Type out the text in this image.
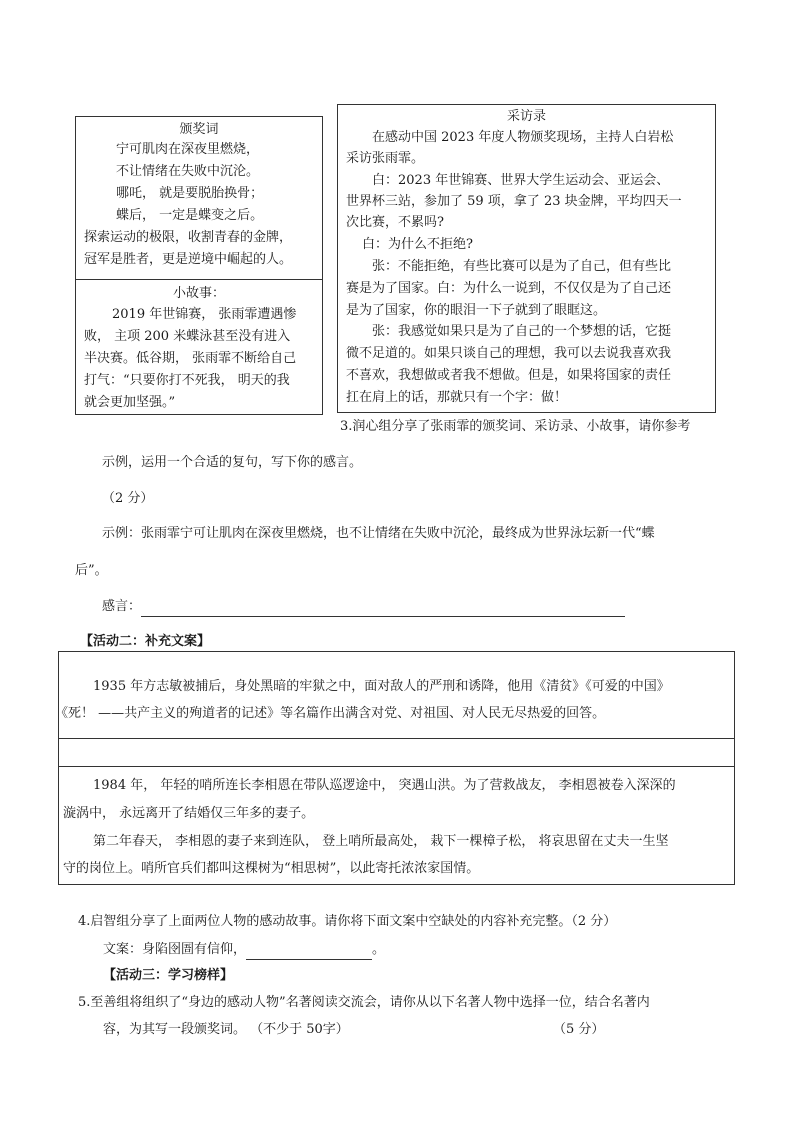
颁奖词
宁可肌肉在深夜里燃烧，
不让情绪在失败中沉沦。
哪吒， 就是要脱胎换骨；
蝶后， 一定是蝶变之后。
探索运动的极限，收割青春的金牌，
冠军是胜者，更是逆境中崛起的人。
小故事：
2019 年世锦赛， 张雨霏遭遇惨
败， 主项 200 米蝶泳甚至没有进入
半决赛。低谷期， 张雨霏不断给自己
打气：“只要你打不死我， 明天的我
就会更加坚强。”
采访录
在感动中国 2023 年度人物颁奖现场，主持人白岩松
采访张雨霏。
白：2023 年世锦赛、世界大学生运动会、亚运会、
世界杯三站，参加了 59 项，拿了 23 块金牌，平均四天一
次比赛，不累吗?
白：为什么不拒绝?
张：不能拒绝，有些比赛可以是为了自己，但有些比
赛是为了国家。白：为什么一说到，不仅仅是为了自己还
是为了国家，你的眼泪一下子就到了眼眶这。
张：我感觉如果只是为了自己的一个梦想的话，它挺
微不足道的。如果只谈自己的理想，我可以去说我喜欢我
不喜欢，我想做或者我不想做。但是，如果将国家的责任
扛在肩上的话，那就只有一个字：做！
3.润心组分享了张雨霏的颁奖词、采访录、小故事，请你参考
示例，运用一个合适的复句，写下你的感言。
（2 分）
示例：张雨霏宁可让肌肉在深夜里燃烧，也不让情绪在失败中沉沦，最终成为世界泳坛新一代“蝶
后”。
感言：
【活动二：补充文案】
1935 年方志敏被捕后，身处黑暗的牢狱之中，面对敌人的严刑和诱降，他用《清贫》《可爱的中国》
《死！ ——共产主义的殉道者的记述》等名篇作出满含对党、对祖国、对人民无尽热爱的回答。
1984 年， 年轻的哨所连长李相恩在带队巡逻途中， 突遇山洪。为了营救战友， 李相恩被卷入深深的
漩涡中， 永远离开了结婚仅三年多的妻子。
第二年春天， 李相恩的妻子来到连队， 登上哨所最高处， 栽下一棵樟子松， 将哀思留在丈夫一生坚
守的岗位上。哨所官兵们都叫这棵树为“相思树”，以此寄托浓浓家国情。
4.启智组分享了上面两位人物的感动故事。请你将下面文案中空缺处的内容补充完整。（2 分）
文案：身陷囹圄有信仰，	。
【活动三：学习榜样】
5.至善组将组织了“身边的感动人物”名著阅读交流会，请你从以下名著人物中选择一位，结合名著内
容，为其写一段颁奖词。 （不少于 50字）	（5 分）
